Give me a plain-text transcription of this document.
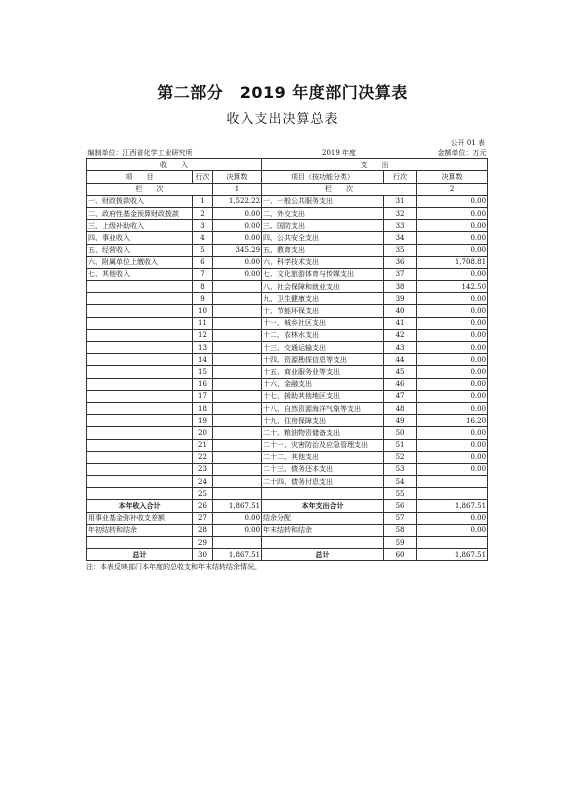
第二部分　2019 年度部门决算表
收入支出决算总表
公开 01 表
编制单位：江西省化学工业研究所			2019 年度		金额单位：万元
收　　入			支　　出		
项　　目	行次	决算数	项目（按功能分类）	行次	决算数
栏　　次		1	栏　　次		2
一、财政拨款收入	1	1,522.22	一、一般公共服务支出	31	0.00
二、政府性基金预算财政拨款	2	0.00	二、外交支出	32	0.00
三、上级补助收入	3	0.00	三、国防支出	33	0.00
四、事业收入	4	0.00	四、公共安全支出	34	0.00
五、经营收入	5	345.29	五、教育支出	35	0.00
六、附属单位上缴收入	6	0.00	六、科学技术支出	36	1,708.81
七、其他收入	7	0.00	七、文化旅游体育与传媒支出	37	0.00
	8		八、社会保障和就业支出	38	142.50
	9		九、卫生健康支出	39	0.00
	10		十、节能环保支出	40	0.00
	11		十一、城乡社区支出	41	0.00
	12		十二、农林水支出	42	0.00
	13		十三、交通运输支出	43	0.00
	14		十四、资源勘探信息等支出	44	0.00
	15		十五、商业服务业等支出	45	0.00
	16		十六、金融支出	46	0.00
	17		十七、援助其他地区支出	47	0.00
	18		十八、自然资源海洋气象等支出	48	0.00
	19		十九、住房保障支出	49	16.20
	20		二十、粮油物资储备支出	50	0.00
	21		二十一、灾害防治及应急管理支出	51	0.00
	22		二十二、其他支出	52	0.00
	23		二十三、债务还本支出	53	0.00
	24		二十四、债务付息支出	54	
	25			55	
本年收入合计	26	1,867.51	本年支出合计	56	1,867.51
用事业基金弥补收支差额	27	0.00	结余分配	57	0.00
年初结转和结余	28	0.00	年末结转和结余	58	0.00
	29			59	
总计	30	1,867.51	总计	60	1,867.51
注：本表反映部门本年度的总收支和年末结转结余情况。
